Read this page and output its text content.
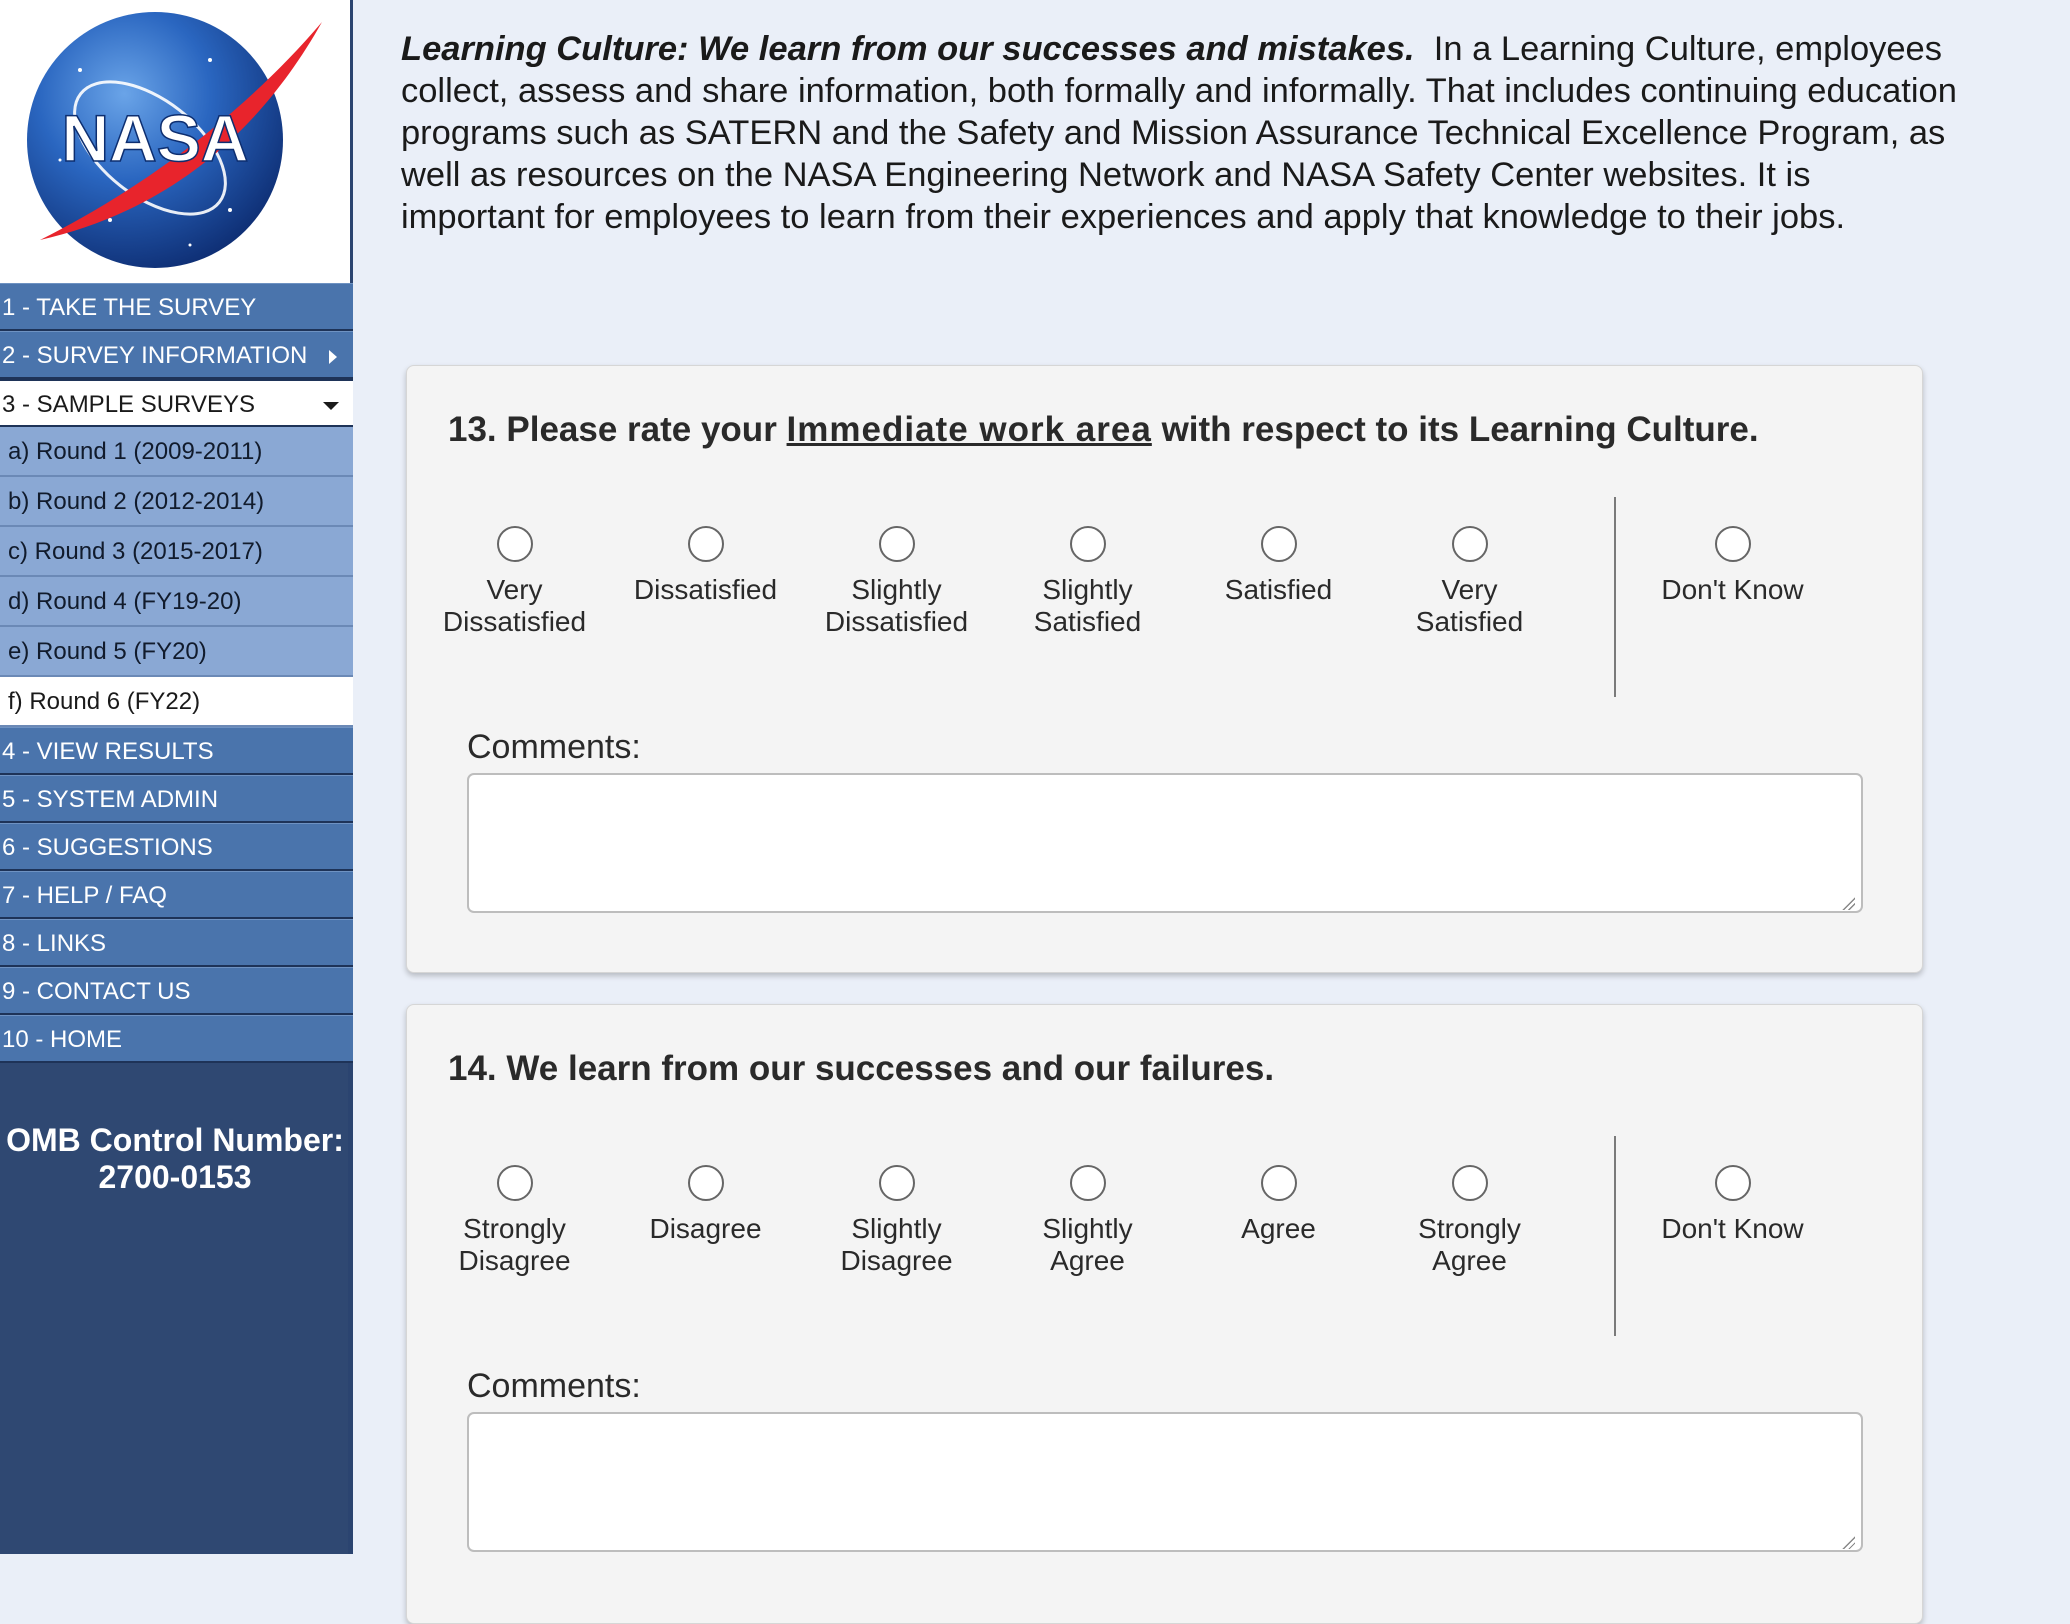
NASA
1 - TAKE THE SURVEY
2 - SURVEY INFORMATION
3 - SAMPLE SURVEYS
a) Round 1 (2009-2011)
b) Round 2 (2012-2014)
c) Round 3 (2015-2017)
d) Round 4 (FY19-20)
e) Round 5 (FY20)
f) Round 6 (FY22)
4 - VIEW RESULTS
5 - SYSTEM ADMIN
6 - SUGGESTIONS
7 - HELP / FAQ
8 - LINKS
9 - CONTACT US
10 - HOME
OMB Control Number:
2700-0153
Learning Culture: We learn from our successes and mistakes. In a Learning Culture, employees collect, assess and share information, both formally and informally. That includes continuing education programs such as SATERN and the Safety and Mission Assurance Technical Excellence Program, as well as resources on the NASA Engineering Network and NASA Safety Center websites. It is important for employees to learn from their experiences and apply that knowledge to their jobs.
13. Please rate your Immediate work area with respect to its Learning Culture.
Very
Dissatisfied
Dissatisfied	Slightly
Dissatisfied
Slightly
Satisfied
Satisfied	Very
Satisfied
Don't Know
Comments:
14. We learn from our successes and our failures.
Strongly
Disagree
Disagree	Slightly
Disagree
Slightly
Agree
Agree	Strongly
Agree
Don't Know
Comments:
